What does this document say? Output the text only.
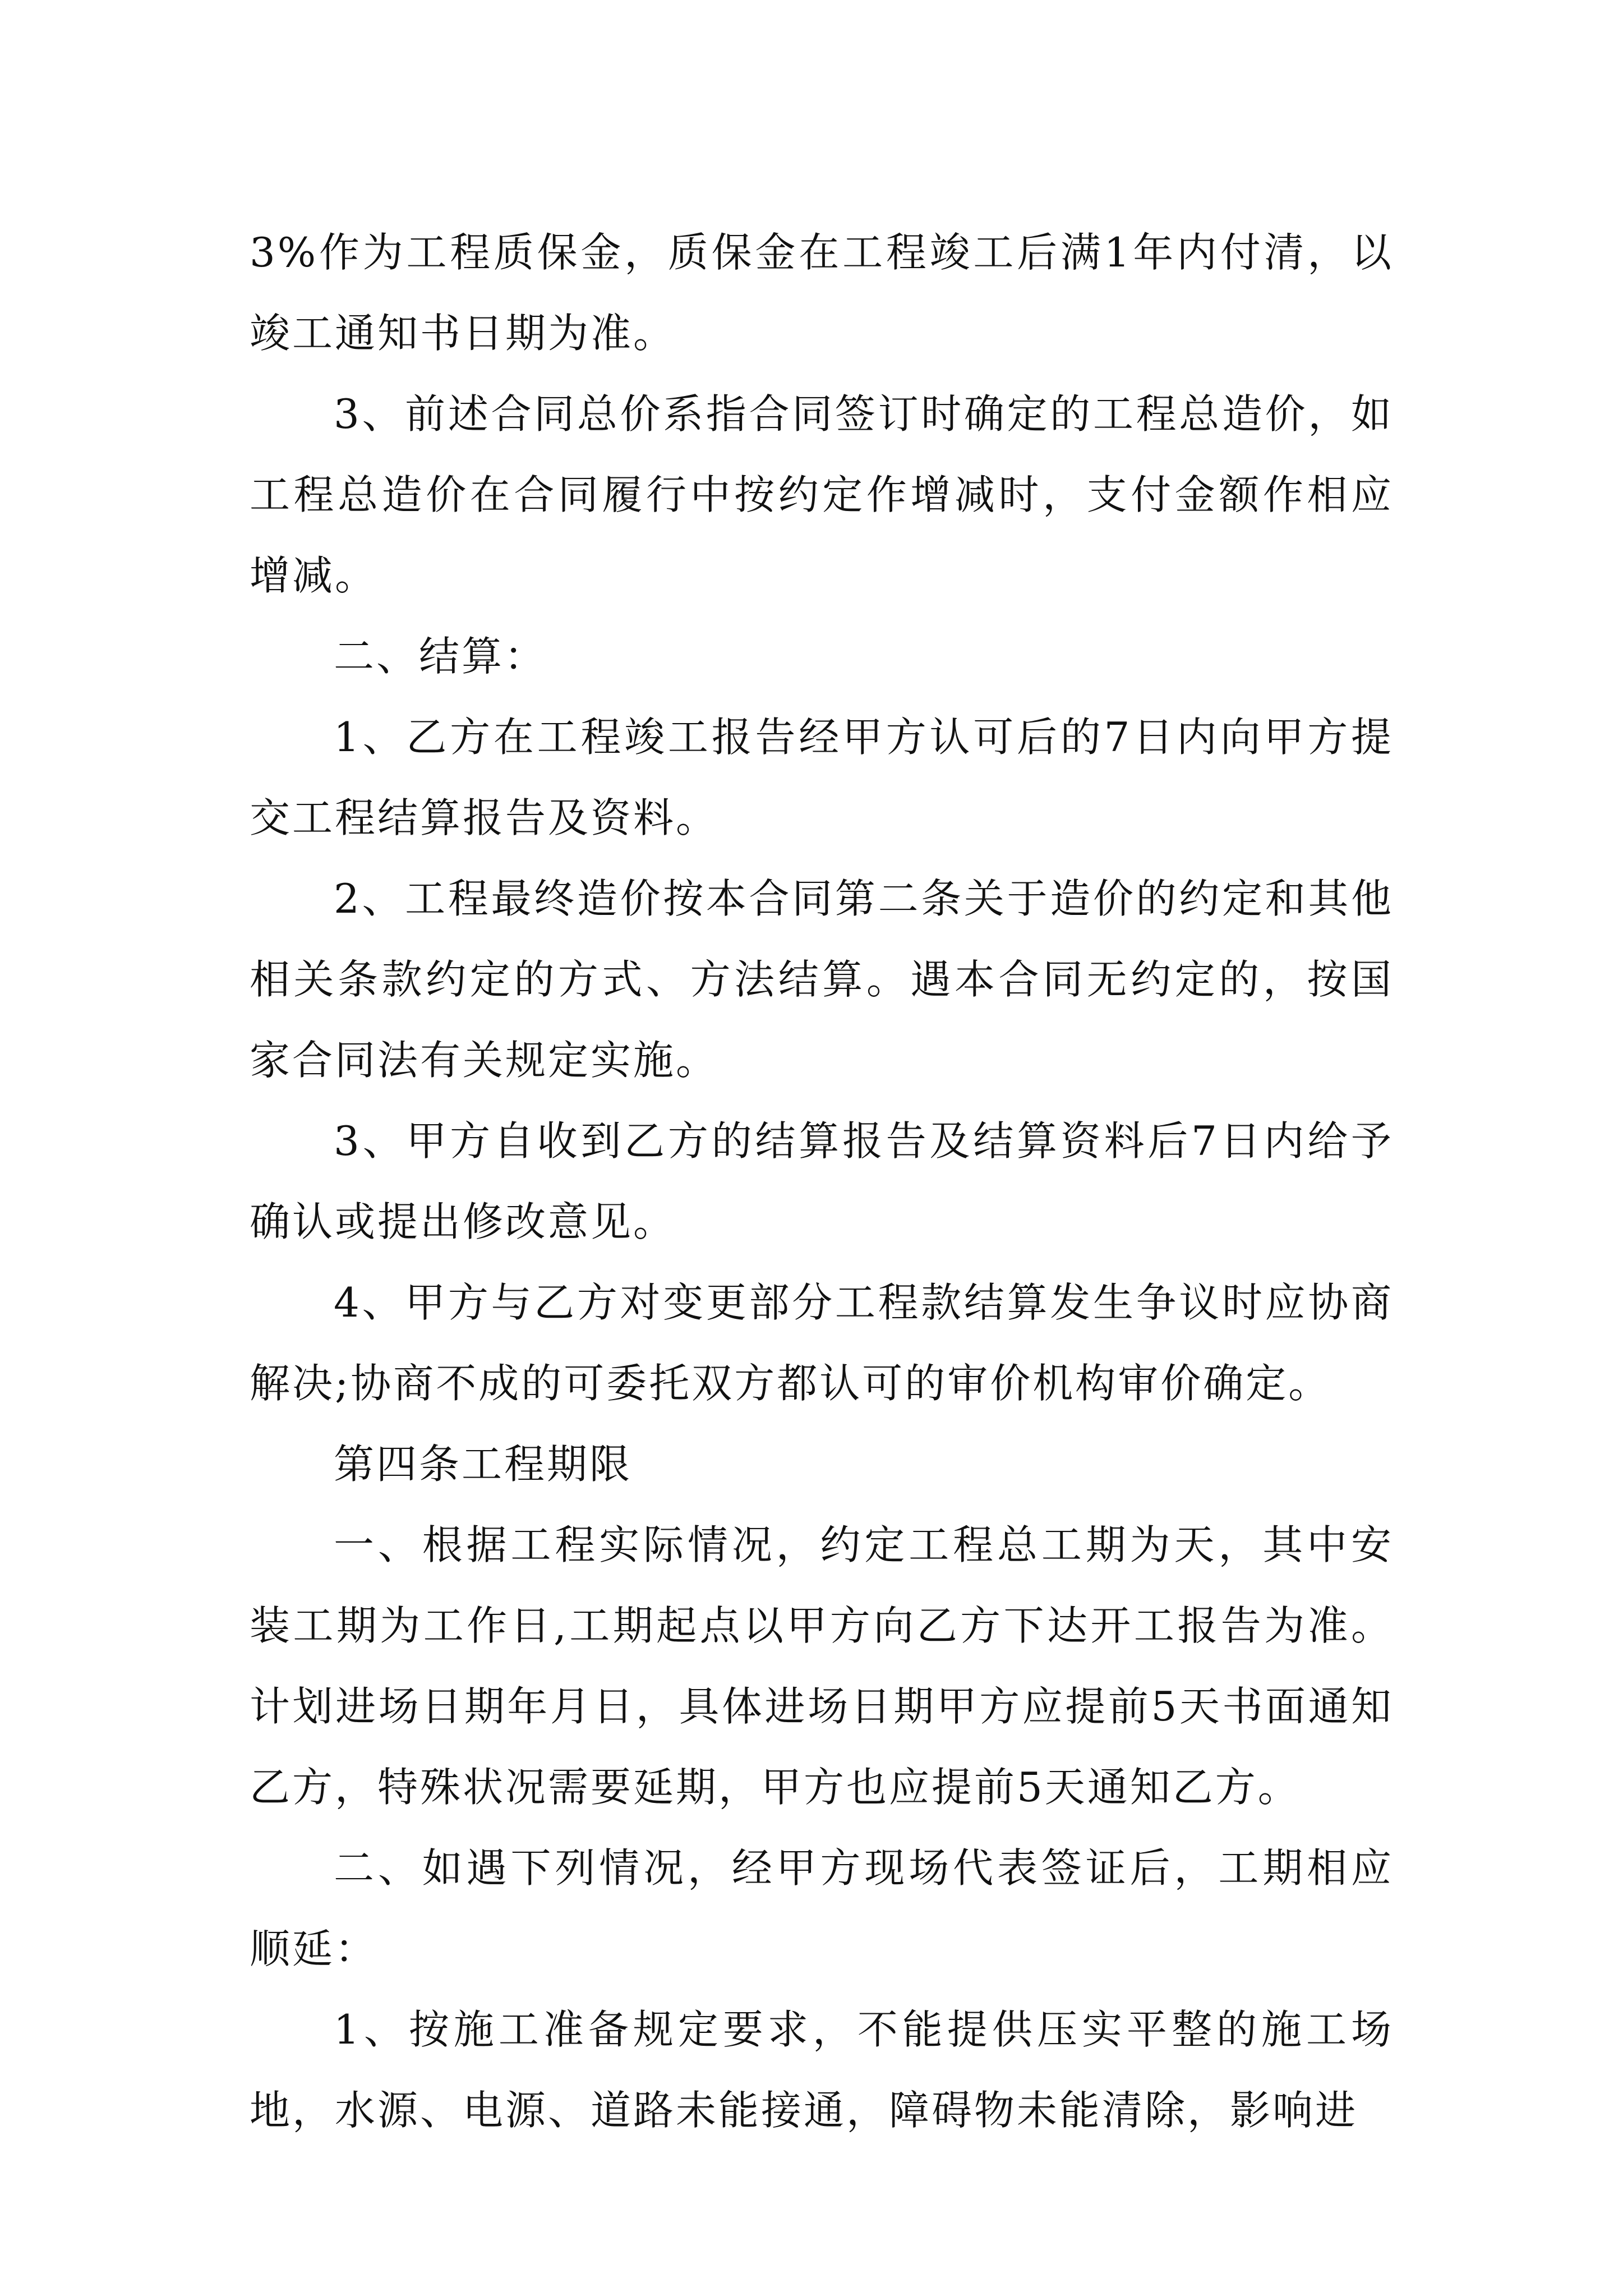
3%作为工程质保金，质保金在工程竣工后满1年内付清，以竣工通知书日期为准。

3、前述合同总价系指合同签订时确定的工程总造价，如工程总造价在合同履行中按约定作增减时，支付金额作相应增减。

二、结算：

1、乙方在工程竣工报告经甲方认可后的7日内向甲方提交工程结算报告及资料。

2、工程最终造价按本合同第二条关于造价的约定和其他相关条款约定的方式、方法结算。遇本合同无约定的，按国家合同法有关规定实施。

3、甲方自收到乙方的结算报告及结算资料后7日内给予确认或提出修改意见。

4、甲方与乙方对变更部分工程款结算发生争议时应协商解决;协商不成的可委托双方都认可的审价机构审价确定。

第四条工程期限

一、根据工程实际情况，约定工程总工期为天，其中安装工期为工作日,工期起点以甲方向乙方下达开工报告为准。计划进场日期年月日，具体进场日期甲方应提前5天书面通知乙方，特殊状况需要延期，甲方也应提前5天通知乙方。

二、如遇下列情况，经甲方现场代表签证后，工期相应顺延：

1、按施工准备规定要求，不能提供压实平整的施工场地，水源、电源、道路未能接通，障碍物未能清除，影响进
